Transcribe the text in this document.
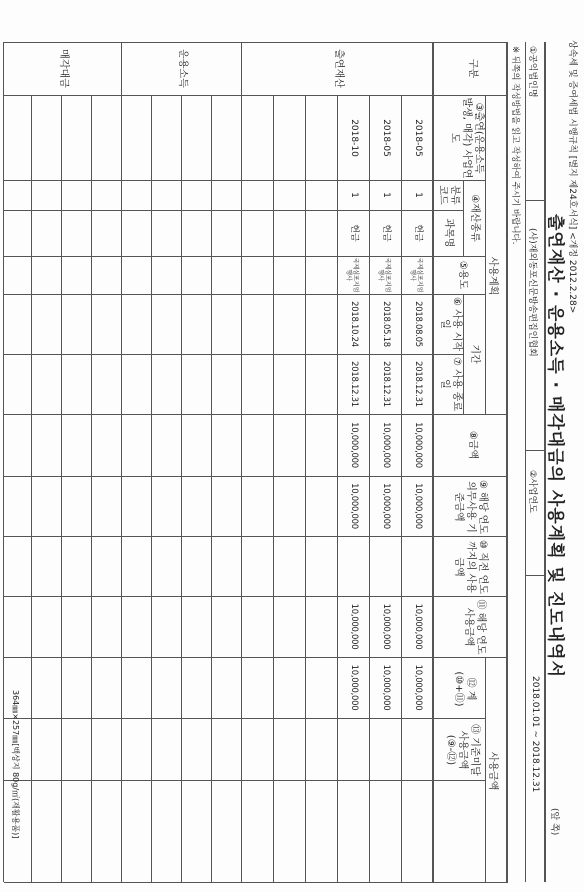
상속세 및 증여세법 시행규칙 [별지 제24호서식] <개정 2012.2.28>
(앞 쪽)
출연재산 · 운용소득 · 매각대금의 사용계획 및 진도내역서
①공익법인명
(사)재외동포신문방송편집인협회
②사업연도
2018.01.01 ~ 2018.12.31
※ 뒤쪽의 작성방법을 읽고 작성하여 주시기 바랍니다.
사용계획
사용금액
구분
③출연(운용소득 발생, 매각) 사업연도
④재산종류
분류 코드
과목명
⑤용도
기간
⑥ 사용 시작일
⑦ 사용 종료일
⑧금액
⑨ 해당 연도 의무사용 기준금액
⑩ 직전 연도 까지의 사용금액
⑪ 해당 연도 사용금액
⑫ 계 (⑩+⑪)
⑬ 기준미달 사용금액 (⑨-⑫)
출연재산
운용소득
매각대금
2018-05
1
현금
국제심포지엄행사
2018.08.05
2018.12.31
10,000,000
10,000,000
10,000,000
10,000,000
2018-05
1
현금
국제심포지엄행사
2018.05.18
2018.12.31
10,000,000
10,000,000
10,000,000
10,000,000
2018-10
1
현금
국제심포지엄행사
2018.10.24
2018.12.31
10,000,000
10,000,000
10,000,000
10,000,000
364㎜×257㎜[백상지 80g/㎡(재활용품)]
